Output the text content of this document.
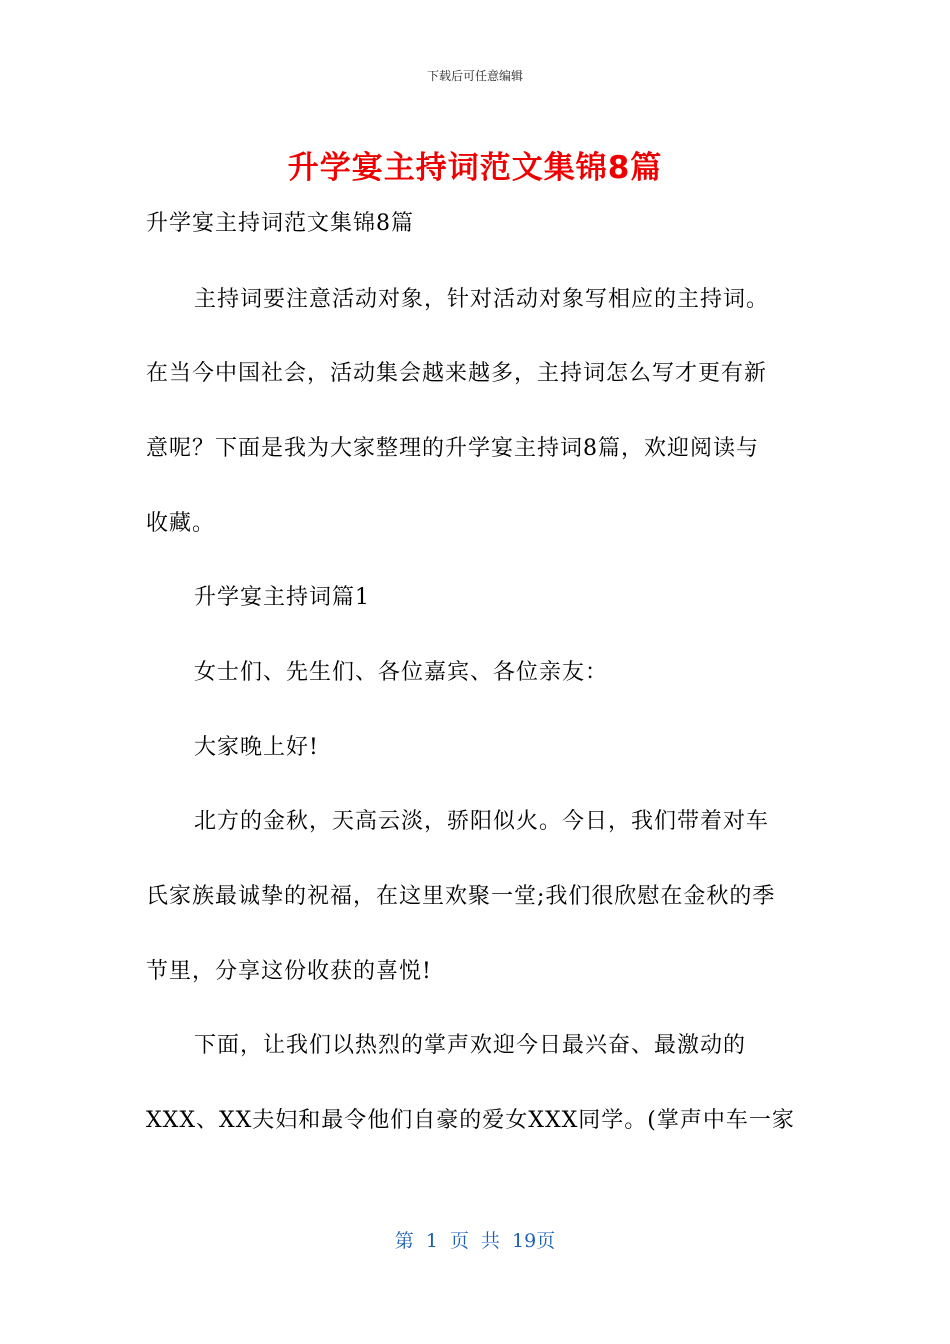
下载后可任意编辑
升学宴主持词范文集锦8篇
升学宴主持词范文集锦8篇
主持词要注意活动对象，针对活动对象写相应的主持词。
在当今中国社会，活动集会越来越多，主持词怎么写才更有新
意呢？下面是我为大家整理的升学宴主持词8篇，欢迎阅读与
收藏。
升学宴主持词篇1
女士们、先生们、各位嘉宾、各位亲友：
大家晚上好!
北方的金秋，天高云淡，骄阳似火。今日，我们带着对车
氏家族最诚挚的祝福，在这里欢聚一堂;我们很欣慰在金秋的季
节里，分享这份收获的喜悦!
下面，让我们以热烈的掌声欢迎今日最兴奋、最激动的
XXX、XX夫妇和最令他们自豪的爱女XXX同学。(掌声中车一家
第 1 页 共 19页
